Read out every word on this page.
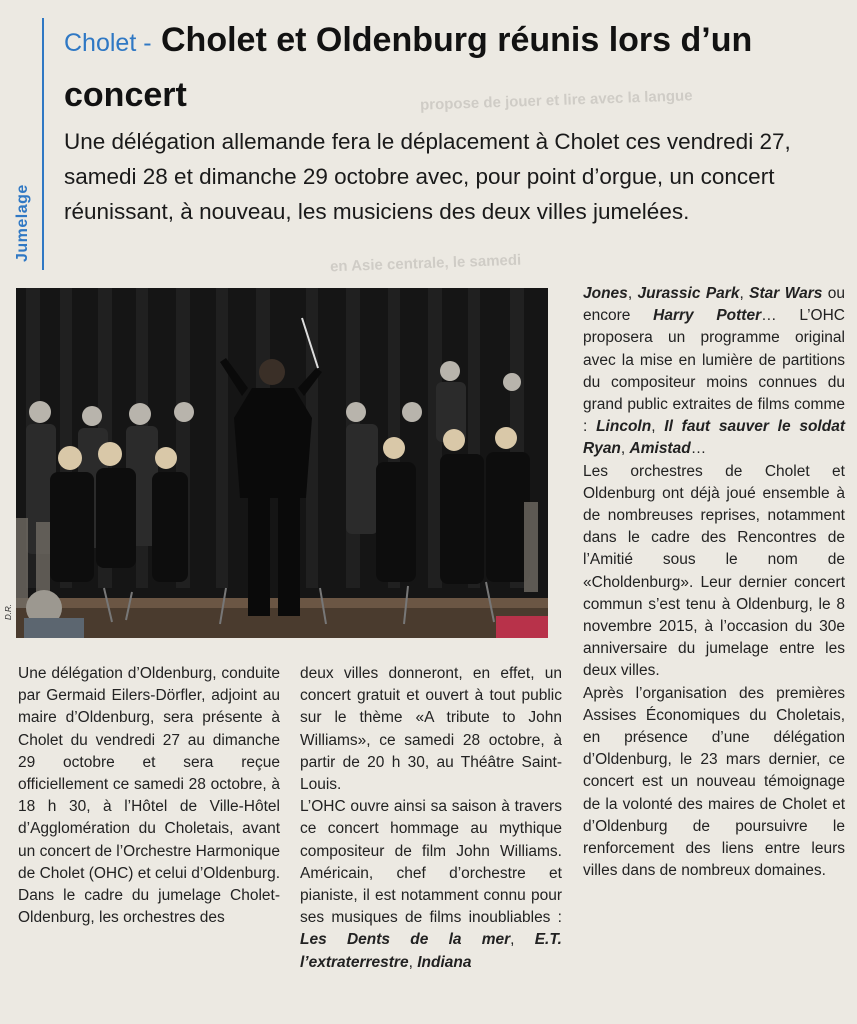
propose de jouer et lire avec la langue
en Asie centrale, le samedi
Jumelage
Cholet - Cholet et Oldenburg réunis lors d’un concert

Une délégation allemande fera le déplacement à Cholet ces vendredi 27, samedi 28 et dimanche 29 octobre avec, pour point d’orgue, un concert réunissant, à nouveau, les musiciens des deux villes jumelées.

D.R.

Une délégation d’Oldenburg, conduite par Germaid Eilers-Dörfler, adjoint au maire d’Oldenburg, sera présente à Cholet du vendredi 27 au dimanche 29 octobre et sera reçue officiellement ce samedi 28 octobre, à 18 h 30, à l’Hôtel de Ville-Hôtel d’Agglomération du Choletais, avant un concert de l’Orchestre Harmonique de Cholet (OHC) et celui d’Oldenburg. Dans le cadre du jumelage Cholet-Oldenburg, les orchestres des

deux villes donneront, en effet, un concert gratuit et ouvert à tout public sur le thème «A tribute to John Williams», ce samedi 28 octobre, à partir de 20 h 30, au Théâtre Saint-Louis.

L’OHC ouvre ainsi sa saison à travers ce concert hommage au mythique compositeur de film John Williams. Américain, chef d’orchestre et pianiste, il est notamment connu pour ses musiques de films inoubliables : Les Dents de la mer, E.T. l’extraterrestre, Indiana

Jones, Jurassic Park, Star Wars ou encore Harry Potter… L’OHC proposera un programme original avec la mise en lumière de partitions du compositeur moins connues du grand public extraites de films comme : Lincoln, Il faut sauver le soldat Ryan, Amistad…

Les orchestres de Cholet et Oldenburg ont déjà joué ensemble à de nombreuses reprises, notamment dans le cadre des Rencontres de l’Amitié sous le nom de «Choldenburg». Leur dernier concert commun s’est tenu à Oldenburg, le 8 novembre 2015, à l’occasion du 30e anniversaire du jumelage entre les deux villes.

Après l’organisation des premières Assises Économiques du Choletais, en présence d’une délégation d’Oldenburg, le 23 mars dernier, ce concert est un nouveau témoignage de la volonté des maires de Cholet et d’Oldenburg de poursuivre le renforcement des liens entre leurs villes dans de nombreux domaines.
